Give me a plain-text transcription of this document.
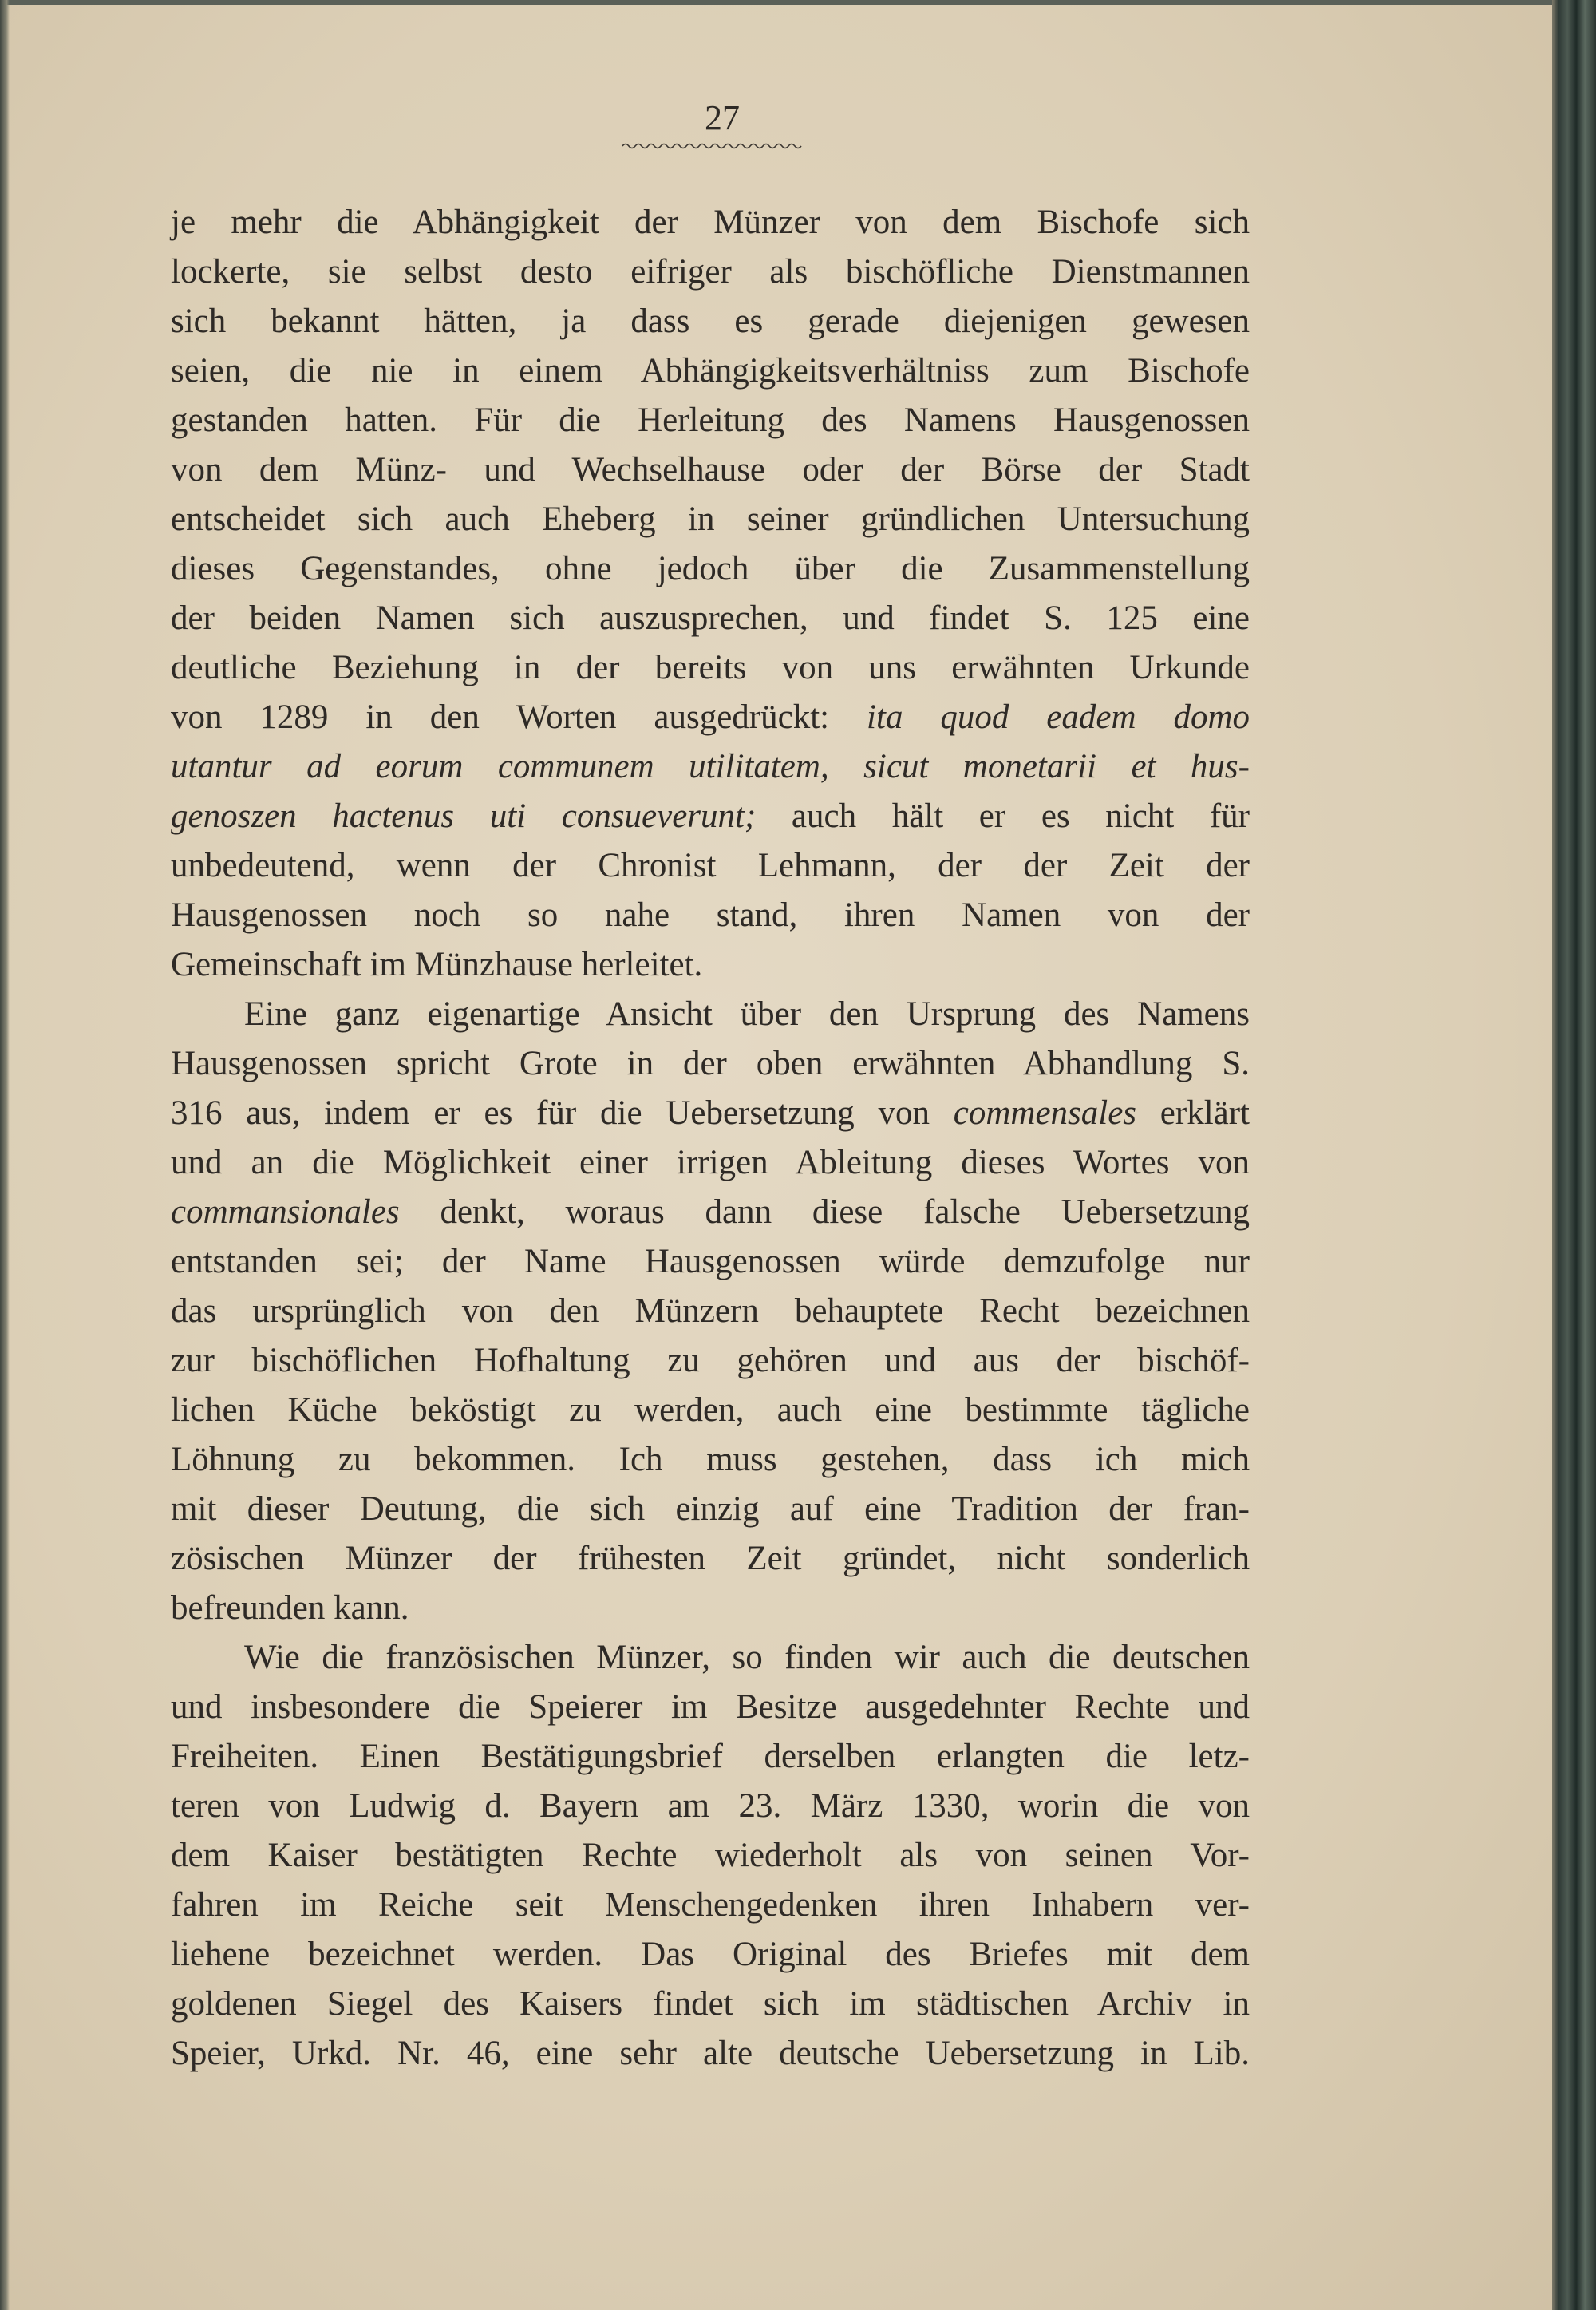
27
je mehr die Abhängigkeit der Münzer von dem Bischofe sich
lockerte, sie selbst desto eifriger als bischöfliche Dienstmannen
sich bekannt hätten, ja dass es gerade diejenigen gewesen
seien, die nie in einem Abhängigkeitsverhältniss zum Bischofe
gestanden hatten. Für die Herleitung des Namens Hausgenossen
von dem Münz- und Wechselhause oder der Börse der Stadt
entscheidet sich auch Eheberg in seiner gründlichen Untersuchung
dieses Gegenstandes, ohne jedoch über die Zusammenstellung
der beiden Namen sich auszusprechen, und findet S. 125 eine
deutliche Beziehung in der bereits von uns erwähnten Urkunde
von 1289 in den Worten ausgedrückt: ita quod eadem domo
utantur ad eorum communem utilitatem, sicut monetarii et hus-
genoszen hactenus uti consueverunt; auch hält er es nicht für
unbedeutend, wenn der Chronist Lehmann, der der Zeit der
Hausgenossen noch so nahe stand, ihren Namen von der
Gemeinschaft im Münzhause herleitet.
Eine ganz eigenartige Ansicht über den Ursprung des Namens
Hausgenossen spricht Grote in der oben erwähnten Abhandlung S.
316 aus, indem er es für die Uebersetzung von commensales erklärt
und an die Möglichkeit einer irrigen Ableitung dieses Wortes von
commansionales denkt, woraus dann diese falsche Uebersetzung
entstanden sei; der Name Hausgenossen würde demzufolge nur
das ursprünglich von den Münzern behauptete Recht bezeichnen
zur bischöflichen Hofhaltung zu gehören und aus der bischöf-
lichen Küche beköstigt zu werden, auch eine bestimmte tägliche
Löhnung zu bekommen. Ich muss gestehen, dass ich mich
mit dieser Deutung, die sich einzig auf eine Tradition der fran-
zösischen Münzer der frühesten Zeit gründet, nicht sonderlich
befreunden kann.
Wie die französischen Münzer, so finden wir auch die deutschen
und insbesondere die Speierer im Besitze ausgedehnter Rechte und
Freiheiten. Einen Bestätigungsbrief derselben erlangten die letz-
teren von Ludwig d. Bayern am 23. März 1330, worin die von
dem Kaiser bestätigten Rechte wiederholt als von seinen Vor-
fahren im Reiche seit Menschengedenken ihren Inhabern ver-
liehene bezeichnet werden. Das Original des Briefes mit dem
goldenen Siegel des Kaisers findet sich im städtischen Archiv in
Speier, Urkd. Nr. 46, eine sehr alte deutsche Uebersetzung in Lib.
